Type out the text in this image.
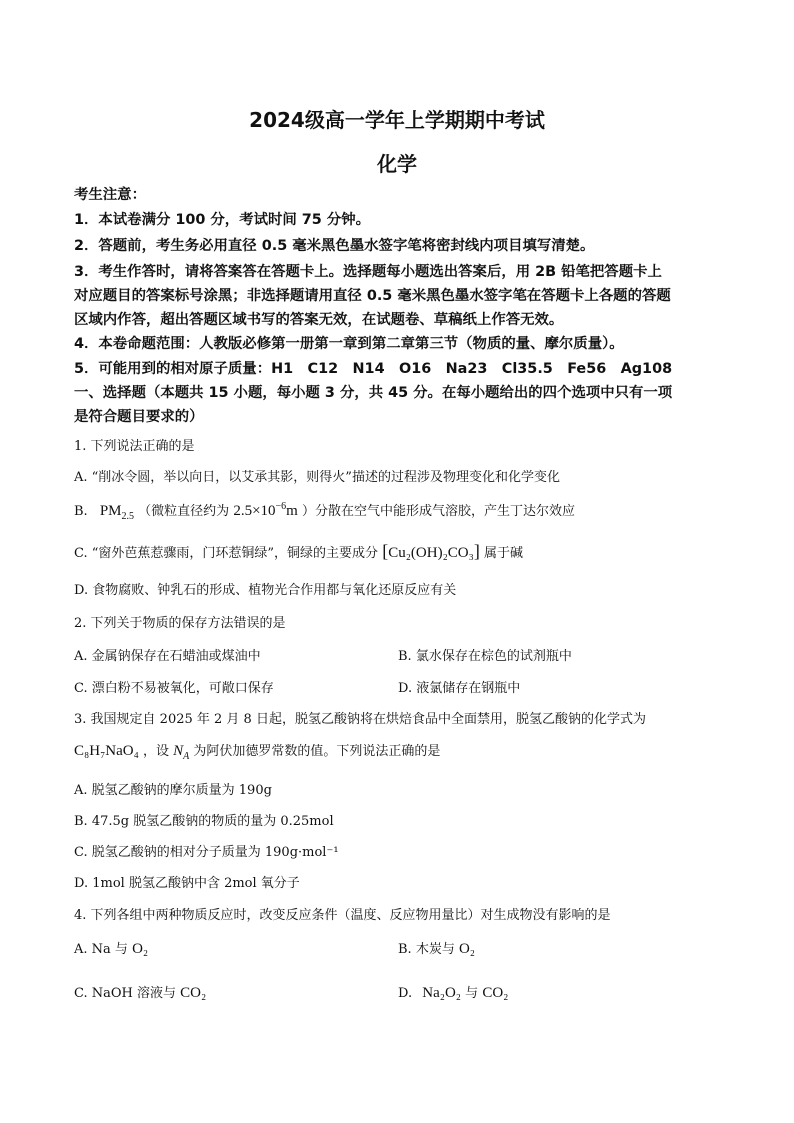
2024级高一学年上学期期中考试
化学
考生注意：
1．本试卷满分 100 分，考试时间 75 分钟。
2．答题前，考生务必用直径 0.5 毫米黑色墨水签字笔将密封线内项目填写清楚。
3．考生作答时，请将答案答在答题卡上。选择题每小题选出答案后，用 2B 铅笔把答题卡上
对应题目的答案标号涂黑；非选择题请用直径 0.5 毫米黑色墨水签字笔在答题卡上各题的答题
区域内作答，超出答题区域书写的答案无效，在试题卷、草稿纸上作答无效。
4．本卷命题范围：人教版必修第一册第一章到第二章第三节（物质的量、摩尔质量）。
5．可能用到的相对原子质量：H1　C12　N14　O16　Na23　Cl35.5　Fe56　Ag108
一、选择题（本题共 15 小题，每小题 3 分，共 45 分。在每小题给出的四个选项中只有一项
是符合题目要求的）
1. 下列说法正确的是
A. “削冰令圆，举以向日，以艾承其影，则得火”描述的过程涉及物理变化和化学变化
B. $PM_{2.5}$ （微粒直径约为 $2.5\times 10^{-6}m$ ）分散在空气中能形成气溶胶，产生丁达尔效应
C. “窗外芭蕉惹骤雨，门环惹铜绿”，铜绿的主要成分 [Cu₂(OH)₂CO₃] 属于碱
D. 食物腐败、钟乳石的形成、植物光合作用都与氧化还原反应有关
2. 下列关于物质的保存方法错误的是
A. 金属钠保存在石蜡油或煤油中	B. 氯水保存在棕色的试剂瓶中
C. 漂白粉不易被氧化，可敞口保存	D. 液氯储存在钢瓶中
3. 我国规定自 2025 年 2 月 8 日起，脱氢乙酸钠将在烘焙食品中全面禁用，脱氢乙酸钠的化学式为
C₈H₇NaO₄ ，设 $N_A$ 为阿伏加德罗常数的值。下列说法正确的是
A. 脱氢乙酸钠的摩尔质量为 190g
B. 47.5g 脱氢乙酸钠的物质的量为 0.25mol
C. 脱氢乙酸钠的相对分子质量为 190g·mol⁻¹
D. 1mol 脱氢乙酸钠中含 2mol 氧分子
4. 下列各组中两种物质反应时，改变反应条件（温度、反应物用量比）对生成物没有影响的是
A. Na 与 O₂	B. 木炭与 O₂
C. NaOH 溶液与 CO₂	D. Na₂O₂ 与 CO₂
